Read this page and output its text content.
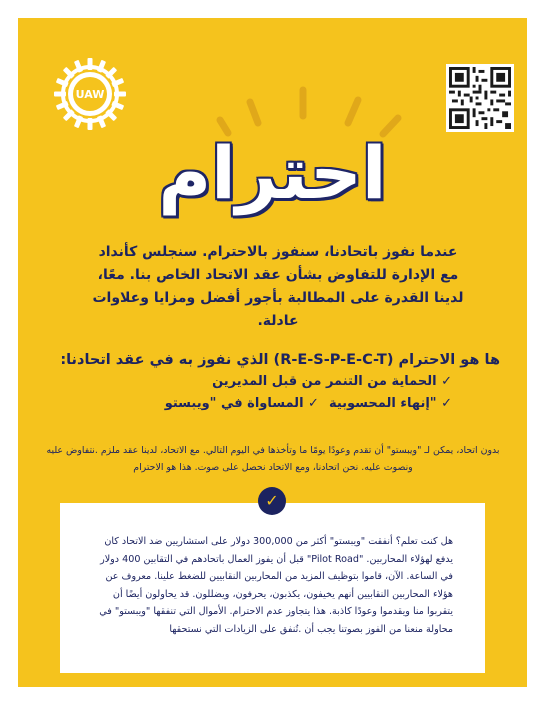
UAW
احترام
عندما نفوز باتحادنا، سنفوز بالاحترام. سنجلس كأنداد مع الإدارة للتفاوض بشأن عقد الاتحاد الخاص بنا. معًا، لدينا القدرة على المطالبة بأجور أفضل ومزايا وعلاوات عادلة.
ها هو الاحترام (R-E-S-P-E-C-T) الذي نفوز به في عقد اتحادنا:
✓ الحماية من التنمر من قبل المديرين
✓ "إنهاء المحسوبية✓ المساواة في "ويبستو
بدون اتحاد، يمكن لـ "ويبستو" أن تقدم وعودًا يومًا ما وتأخذها في اليوم التالي. مع الاتحاد، لدينا عقد ملزم .نتفاوض عليه ونصوت عليه. نحن اتحادنا، ومع الاتحاد نحصل على صوت. هذا هو الاحترام
هل كنت تعلم؟ أنفقت "ويبستو" أكثر من 300,000 دولار على استشاريين ضد الاتحاد كان يدفع لهؤلاء المحاربين. "Pilot Road" قبل أن يفوز العمال باتحادهم في التقابين 400 دولار في الساعة. الآن، قاموا بتوظيف المزيد من المحاربين النقابيين للضغط علينا. معروف عن هؤلاء المحاربين النقابيين أنهم يخيفون، يكذبون، يحرفون، ويضللون. قد يحاولون أيضًا أن يتقربوا منا ويقدموا وعودًا كاذبة. هذا يتجاوز عدم الاحترام. الأموال التي تنفقها "ويبستو" في محاولة منعنا من الفوز بصوتنا يجب أن .تُنفق على الزيادات التي نستحقها
✓
